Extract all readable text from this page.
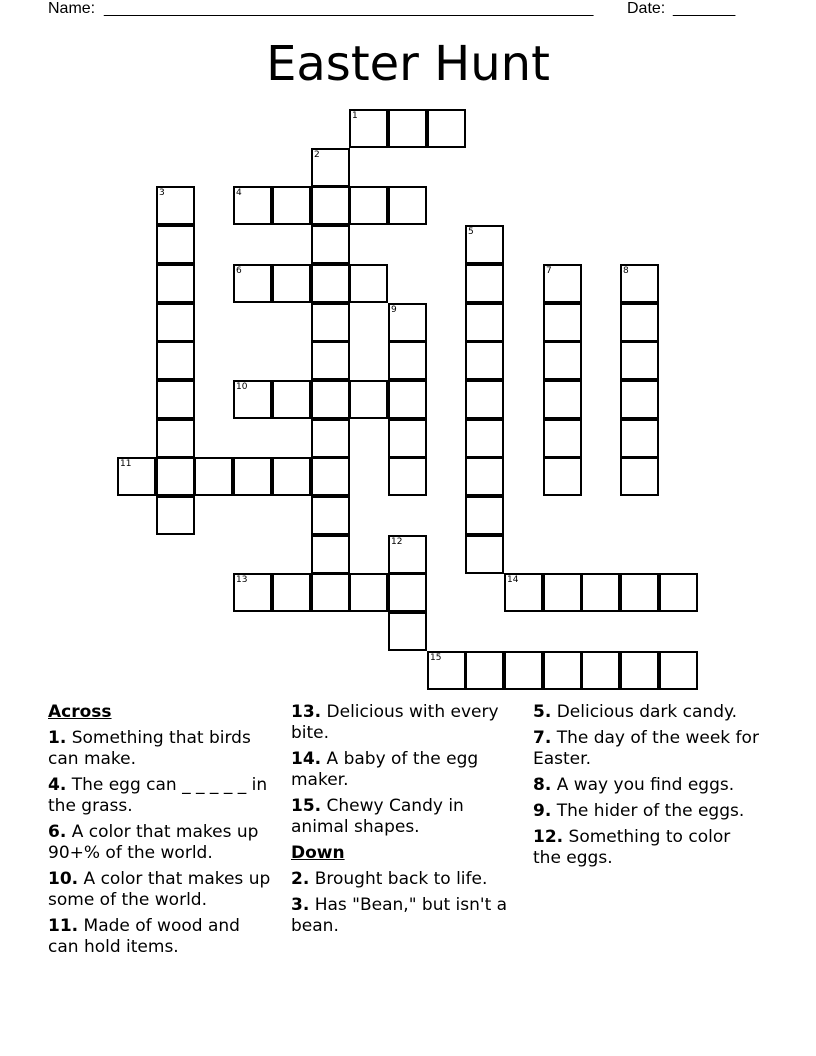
Name: _______________________________________________________ Date: _______
Easter Hunt
1
2
3	4
5
6	7	8
9
10
11
12
13	14
15
Across
1. Something that birds can make.
4. The egg can _ _ _ _ _ in the grass.
6. A color that makes up 90+% of the world.
10. A color that makes up some of the world.
11. Made of wood and can hold items.
13. Delicious with every bite.
14. A baby of the egg maker.
15. Chewy Candy in animal shapes.
Down
2. Brought back to life.
3. Has "Bean," but isn't a bean.
5. Delicious dark candy.
7. The day of the week for Easter.
8. A way you find eggs.
9. The hider of the eggs.
12. Something to color the eggs.
